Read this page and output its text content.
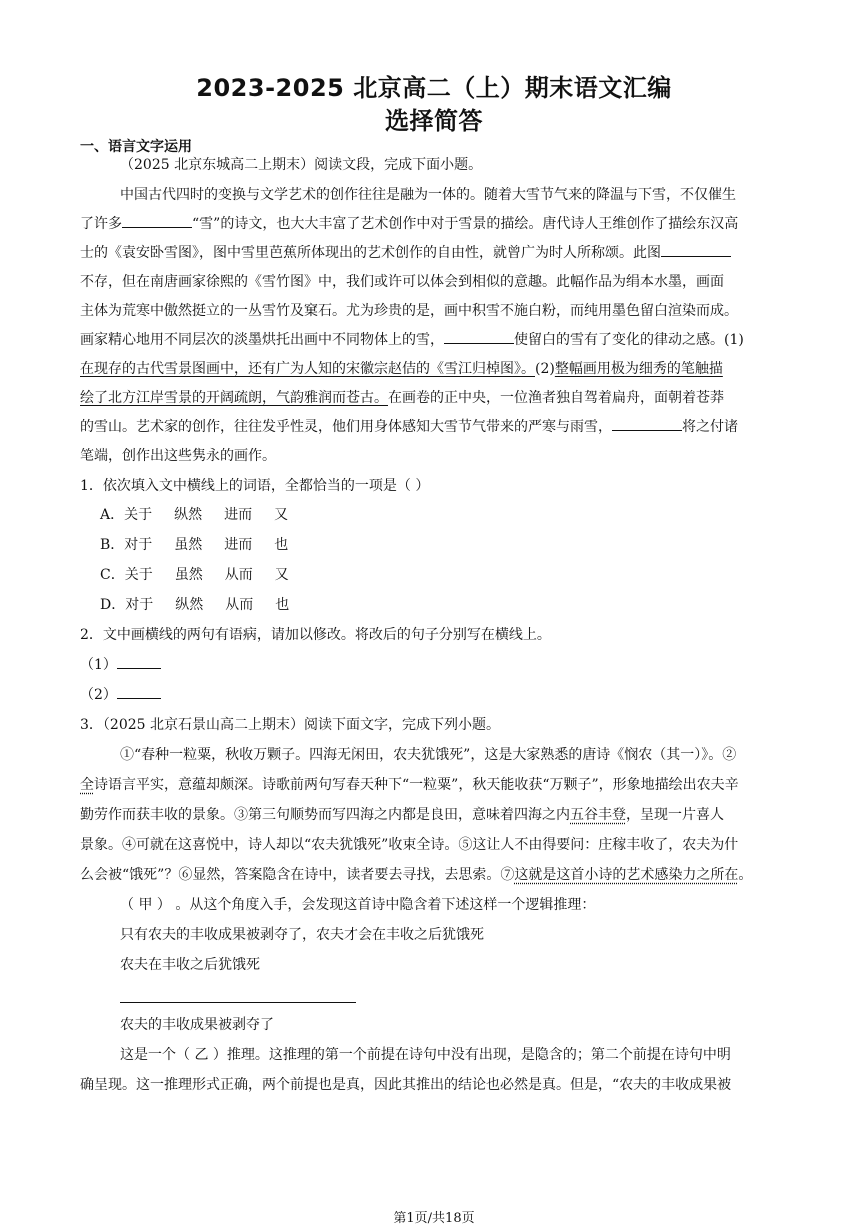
2023-2025 北京高二（上）期末语文汇编
选择简答
一、语言文字运用
（2025 北京东城高二上期末）阅读文段，完成下面小题。
中国古代四时的变换与文学艺术的创作往往是融为一体的。随着大雪节气来的降温与下雪，不仅催生
了许多	“雪”的诗文，也大大丰富了艺术创作中对于雪景的描绘。唐代诗人王维创作了描绘东汉高
士的《袁安卧雪图》，图中雪里芭蕉所体现出的艺术创作的自由性，就曾广为时人所称颂。此图
不存，但在南唐画家徐熙的《雪竹图》中，我们或许可以体会到相似的意趣。此幅作品为绢本水墨，画面
主体为荒寒中傲然挺立的一丛雪竹及窠石。尤为珍贵的是，画中积雪不施白粉，而纯用墨色留白渲染而成。
画家精心地用不同层次的淡墨烘托出画中不同物体上的雪，	使留白的雪有了变化的律动之感。(1)
在现存的古代雪景图画中，还有广为人知的宋徽宗赵佶的《雪江归棹图》。(2)整幅画用极为细秀的笔触描
绘了北方江岸雪景的开阔疏朗，气韵雅润而苍古。在画卷的正中央，一位渔者独自驾着扁舟，面朝着苍莽
的雪山。艺术家的创作，往往发乎性灵，他们用身体感知大雪节气带来的严寒与雨雪，	将之付诸
笔端，创作出这些隽永的画作。
1．依次填入文中横线上的词语，全都恰当的一项是（ ）
A．关于 纵然 进而 又
B．对于 虽然 进而 也
C．关于 虽然 从而 又
D．对于 纵然 从而 也
2．文中画横线的两句有语病，请加以修改。将改后的句子分别写在横线上。
（1）
（2）
3．（2025 北京石景山高二上期末）阅读下面文字，完成下列小题。
①“春种一粒粟，秋收万颗子。四海无闲田，农夫犹饿死”，这是大家熟悉的唐诗《悯农（其一）》。②
全诗语言平实，意蕴却颇深。诗歌前两句写春天种下“一粒粟”，秋天能收获“万颗子”，形象地描绘出农夫辛
勤劳作而获丰收的景象。③第三句顺势而写四海之内都是良田，意味着四海之内五谷丰登，呈现一片喜人
景象。④可就在这喜悦中，诗人却以“农夫犹饿死”收束全诗。⑤这让人不由得要问：庄稼丰收了，农夫为什
么会被“饿死”？⑥显然，答案隐含在诗中，读者要去寻找，去思索。⑦这就是这首小诗的艺术感染力之所在。
（ 甲 ） 。从这个角度入手，会发现这首诗中隐含着下述这样一个逻辑推理：
只有农夫的丰收成果被剥夺了，农夫才会在丰收之后犹饿死
农夫在丰收之后犹饿死
农夫的丰收成果被剥夺了
这是一个（ 乙 ）推理。这推理的第一个前提在诗句中没有出现，是隐含的；第二个前提在诗句中明
确呈现。这一推理形式正确，两个前提也是真，因此其推出的结论也必然是真。但是，“农夫的丰收成果被
第1页/共18页
